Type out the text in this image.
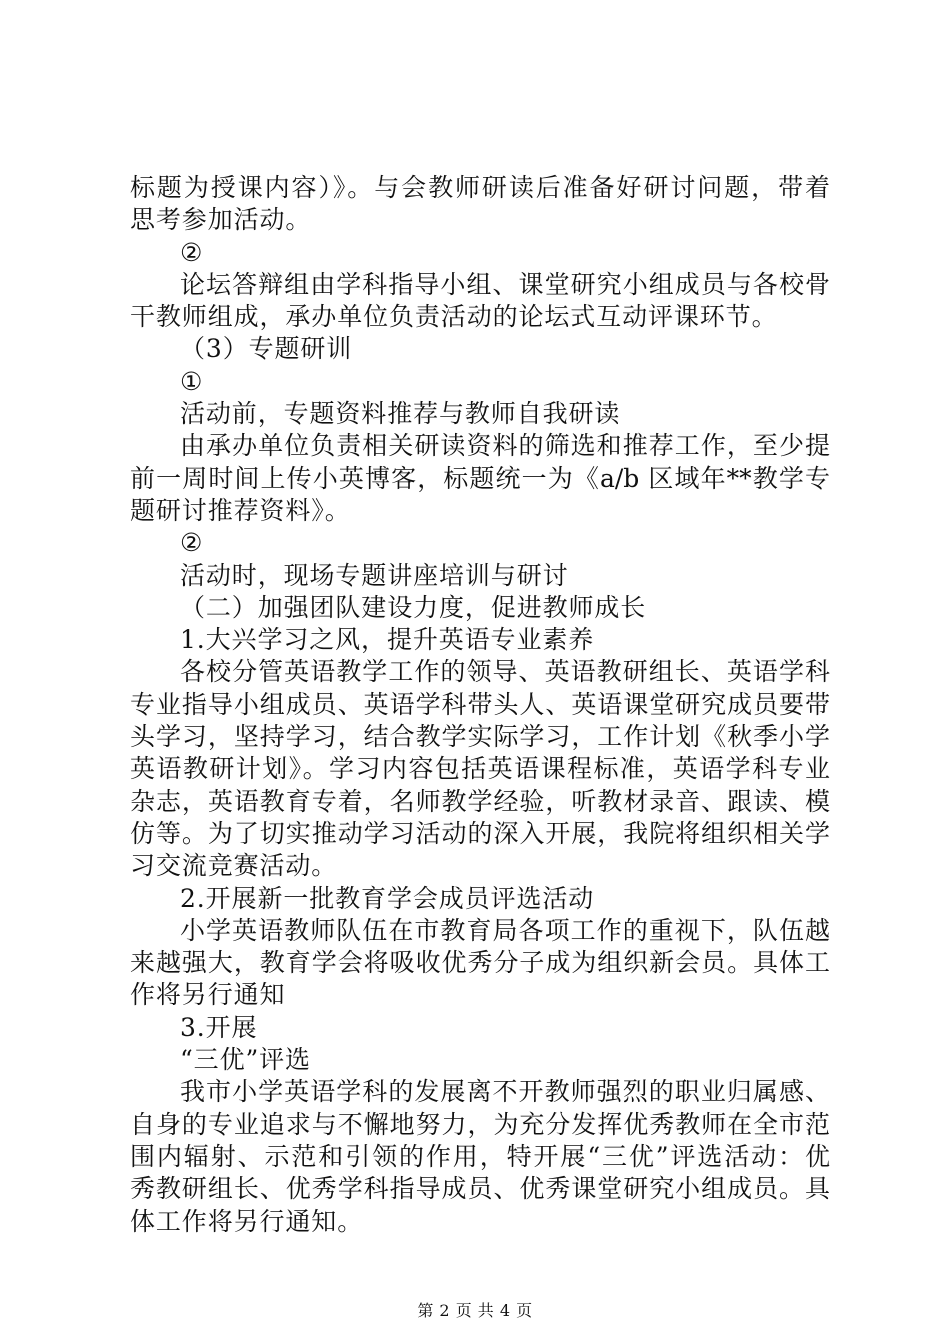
标题为授课内容）》。与会教师研读后准备好研讨问题，带着
思考参加活动。
②
论坛答辩组由学科指导小组、课堂研究小组成员与各校骨
干教师组成，承办单位负责活动的论坛式互动评课环节。
（3）专题研训
①
活动前，专题资料推荐与教师自我研读
由承办单位负责相关研读资料的筛选和推荐工作，至少提
前一周时间上传小英博客，标题统一为《a/b 区域年**教学专
题研讨推荐资料》。
②
活动时，现场专题讲座培训与研讨
（二）加强团队建设力度，促进教师成长
1.大兴学习之风，提升英语专业素养
各校分管英语教学工作的领导、英语教研组长、英语学科
专业指导小组成员、英语学科带头人、英语课堂研究成员要带
头学习，坚持学习，结合教学实际学习，工作计划《秋季小学
英语教研计划》。学习内容包括英语课程标准，英语学科专业
杂志，英语教育专着，名师教学经验，听教材录音、跟读、模
仿等。为了切实推动学习活动的深入开展，我院将组织相关学
习交流竞赛活动。
2.开展新一批教育学会成员评选活动
小学英语教师队伍在市教育局各项工作的重视下，队伍越
来越强大，教育学会将吸收优秀分子成为组织新会员。具体工
作将另行通知
3.开展
“三优”评选
我市小学英语学科的发展离不开教师强烈的职业归属感、
自身的专业追求与不懈地努力，为充分发挥优秀教师在全市范
围内辐射、示范和引领的作用，特开展“三优”评选活动：优
秀教研组长、优秀学科指导成员、优秀课堂研究小组成员。具
体工作将另行通知。
第 2 页 共 4 页
